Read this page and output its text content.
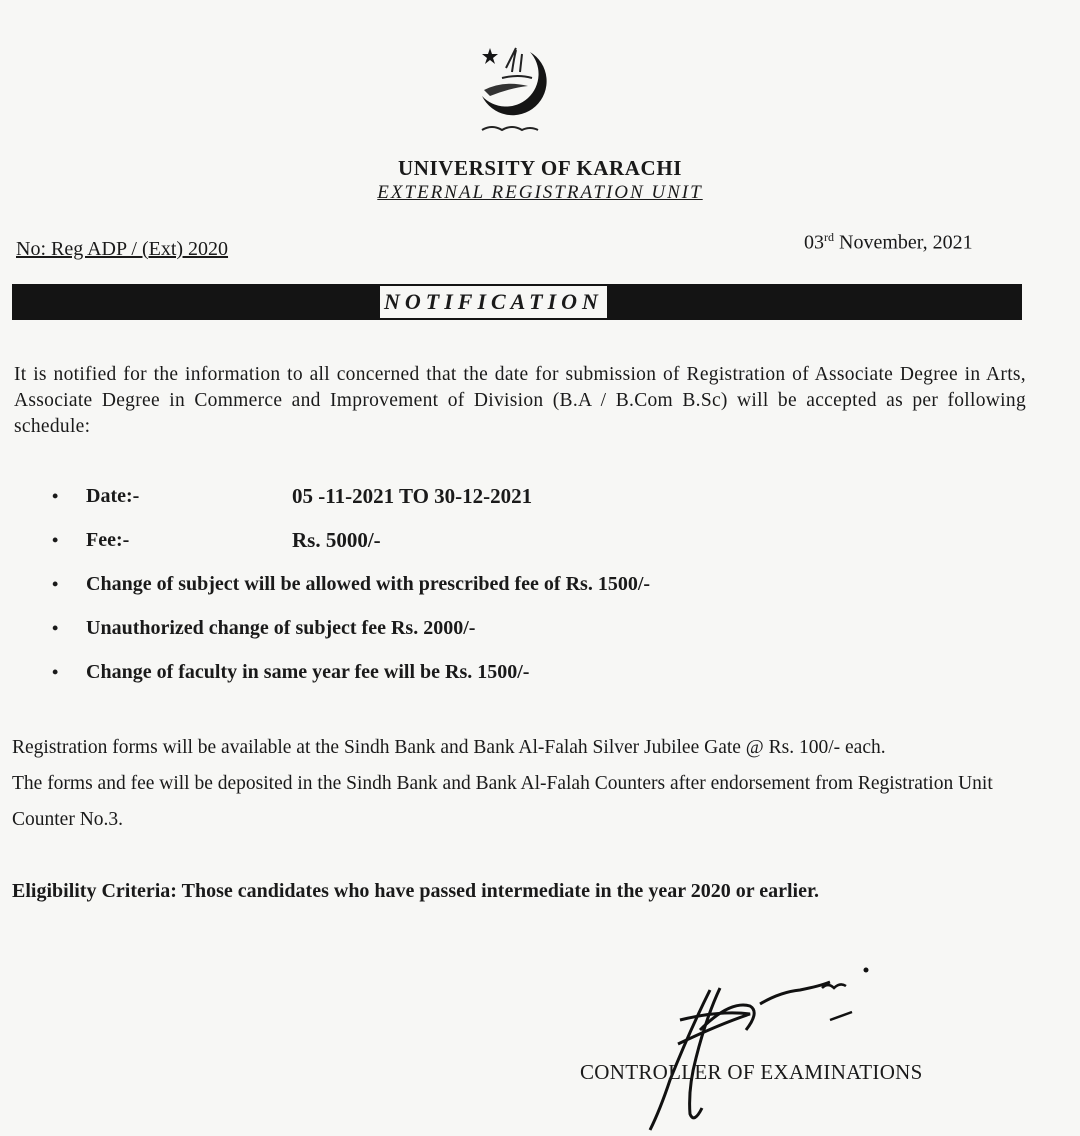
UNIVERSITY OF KARACHI
EXTERNAL REGISTRATION UNIT
No: Reg ADP / (Ext) 2020	03rd November, 2021
NOTIFICATION
It is notified for the information to all concerned that the date for submission of Registration of Associate Degree in Arts, Associate Degree in Commerce and Improvement of Division (B.A / B.Com B.Sc) will be accepted as per following schedule:
• Date:-	05 -11-2021 TO 30-12-2021
• Fee:-	Rs. 5000/-
• Change of subject will be allowed with prescribed fee of Rs. 1500/-
• Unauthorized change of subject fee Rs. 2000/-
• Change of faculty in same year fee will be Rs. 1500/-

Registration forms will be available at the Sindh Bank and Bank Al-Falah Silver Jubilee Gate @ Rs. 100/- each.

The forms and fee will be deposited in the Sindh Bank and Bank Al-Falah Counters after endorsement from Registration Unit Counter No.3.

Eligibility Criteria: Those candidates who have passed intermediate in the year 2020 or earlier.
CONTROLLER OF EXAMINATIONS
